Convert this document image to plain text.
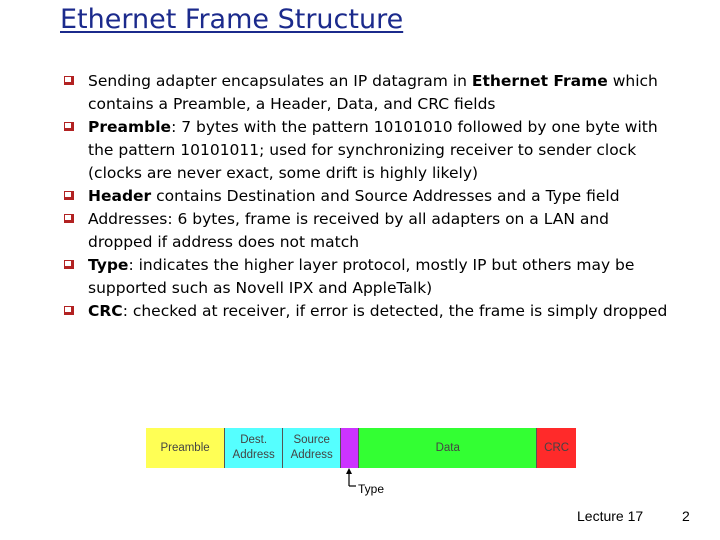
Ethernet Frame Structure
Sending adapter encapsulates an IP datagram in Ethernet Frame which contains a Preamble, a Header, Data, and CRC fields
Preamble: 7 bytes with the pattern 10101010 followed by one byte with the pattern 10101011; used for synchronizing receiver to sender clock (clocks are never exact, some drift is highly likely)
Header contains Destination and Source Addresses and a Type field
Addresses: 6 bytes, frame is received by all adapters on a LAN and dropped if address does not match
Type: indicates the higher layer protocol, mostly IP but others may be supported such as Novell IPX and AppleTalk)
CRC: checked at receiver, if error is detected, the frame is simply dropped
Preamble
Dest.
Address
Source
Address
Data	CRC
Type
Lecture 17	2
